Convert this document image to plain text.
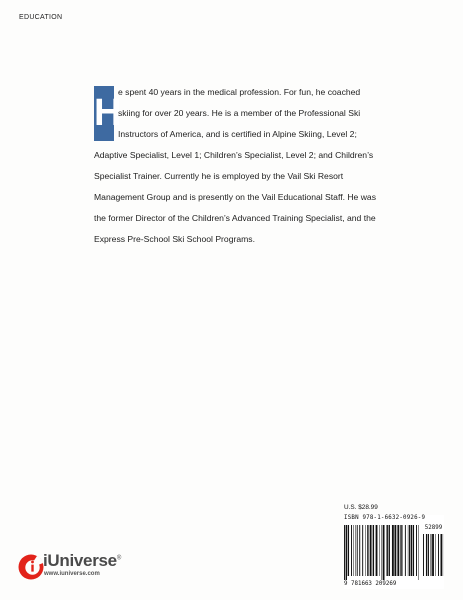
EDUCATION
H

e spent 40 years in the medical profession. For fun, he coached skiing for over 20 years. He is a member of the Professional Ski Instructors of America, and is certified in Alpine Skiing, Level 2; Adaptive Specialist, Level 1; Children’s Specialist, Level 2; and Children’s Specialist Trainer. Currently he is employed by the Vail Ski Resort Management Group and is presently on the Vail Educational Staff. He was the former Director of the Children’s Advanced Training Specialist, and the Express Pre-School Ski School Programs.

U.S. $28.99
ISBN 978-1-6632-0926-9
52899
9 781663 209269
iUniverse®
www.iuniverse.com
